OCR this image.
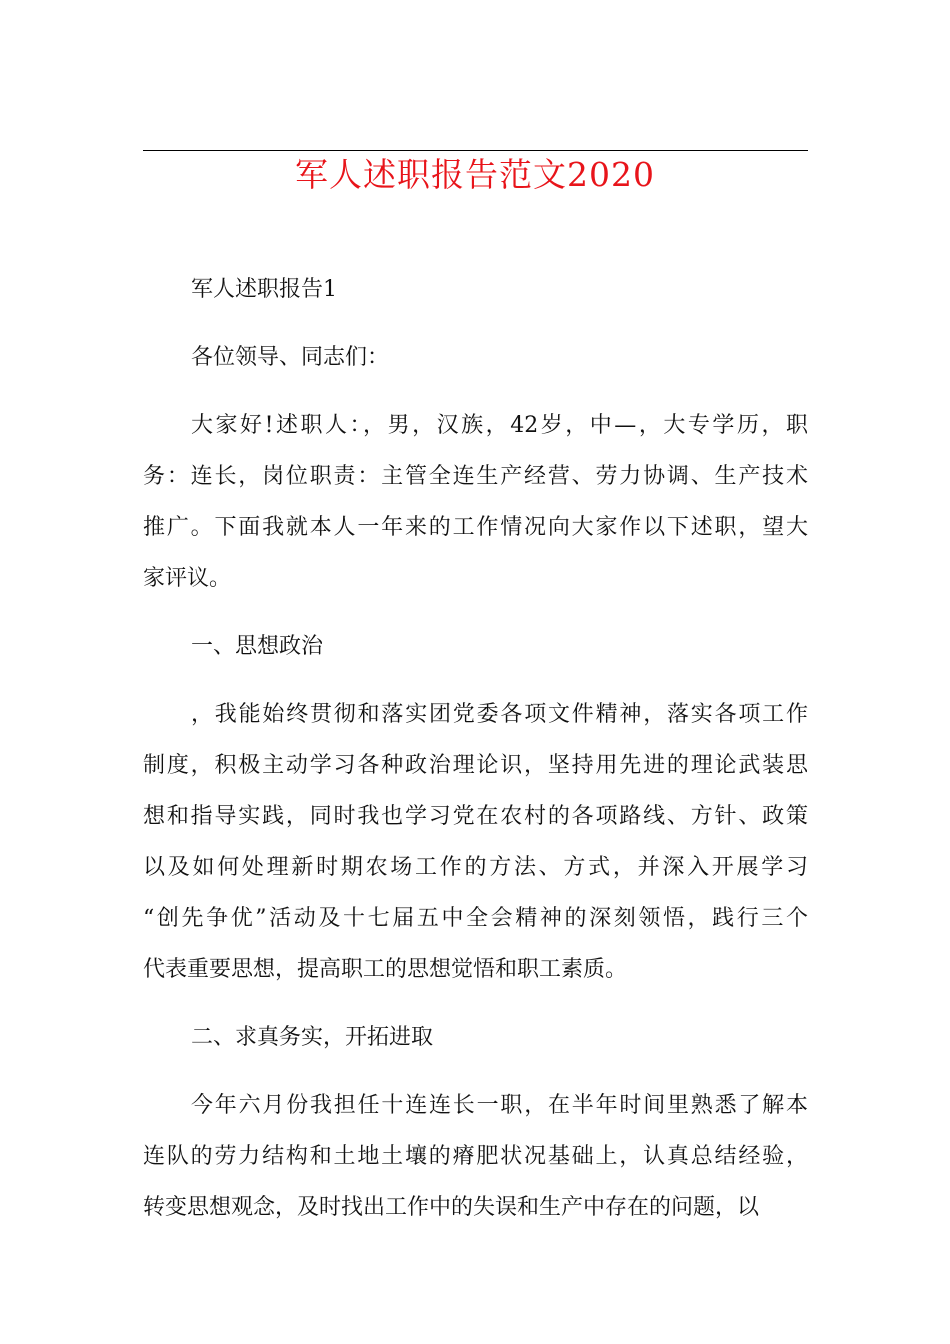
军人述职报告范文2020
军人述职报告1
各位领导、同志们：
大家好!述职人：，男，汉族，42岁，中—，大专学历，职
务：连长，岗位职责：主管全连生产经营、劳力协调、生产技术
推广。下面我就本人一年来的工作情况向大家作以下述职，望大
家评议。
一、思想政治
，我能始终贯彻和落实团党委各项文件精神，落实各项工作
制度，积极主动学习各种政治理论识，坚持用先进的理论武装思
想和指导实践，同时我也学习党在农村的各项路线、方针、政策
以及如何处理新时期农场工作的方法、方式，并深入开展学习
“创先争优”活动及十七届五中全会精神的深刻领悟，践行三个
代表重要思想，提高职工的思想觉悟和职工素质。
二、求真务实，开拓进取
今年六月份我担任十连连长一职，在半年时间里熟悉了解本
连队的劳力结构和土地土壤的瘠肥状况基础上，认真总结经验，
转变思想观念，及时找出工作中的失误和生产中存在的问题，以
